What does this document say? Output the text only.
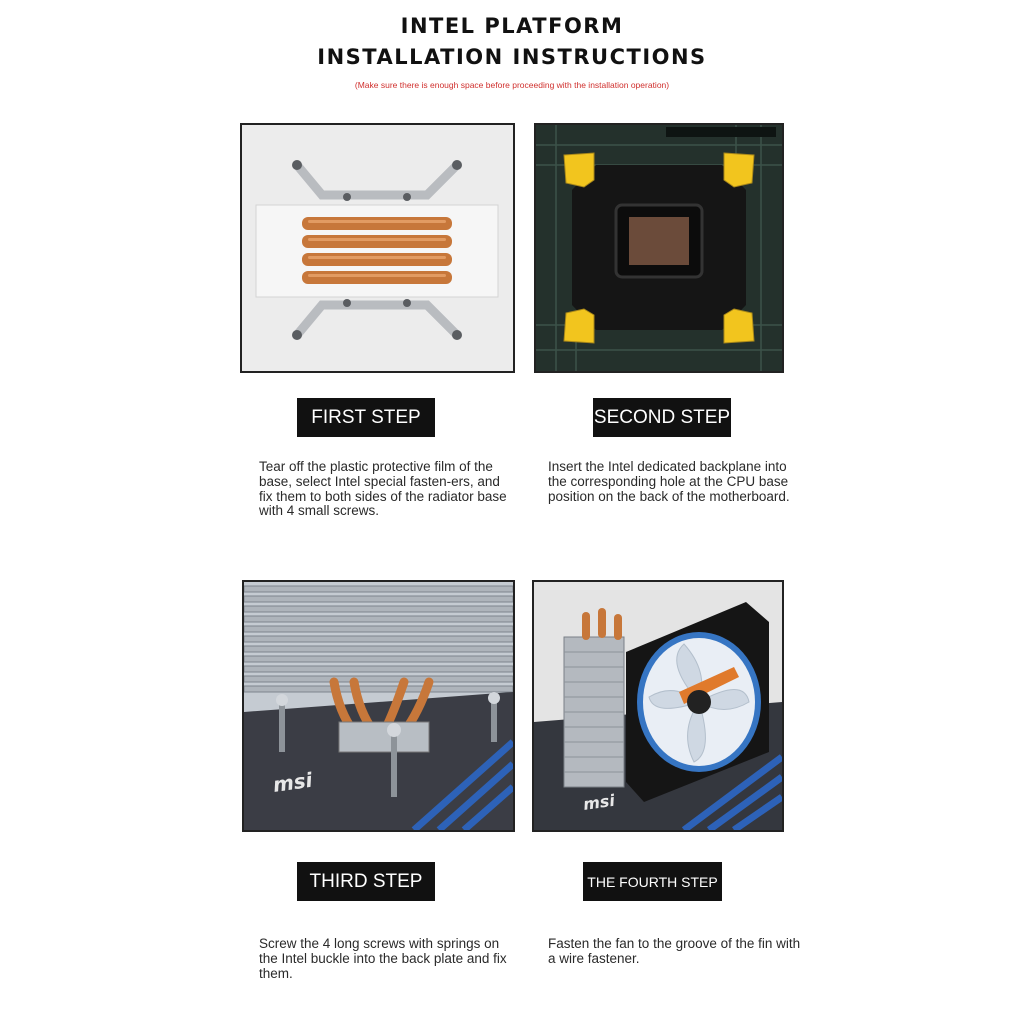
INTEL PLATFORM
INSTALLATION INSTRUCTIONS
(Make sure there is enough space before proceeding with the installation operation)
msi
msi
FIRST STEP	SECOND STEP
THIRD STEP	THE FOURTH STEP
Tear off the plastic protective film of the base, select Intel special fasten-ers, and fix them to both sides of the radiator base with 4 small screws.
Insert the Intel dedicated backplane into the corresponding hole at the CPU base position on the back of the motherboard.
Screw the 4 long screws with springs on the Intel buckle into the back plate and fix them.
Fasten the fan to the groove of the fin with a wire fastener.
